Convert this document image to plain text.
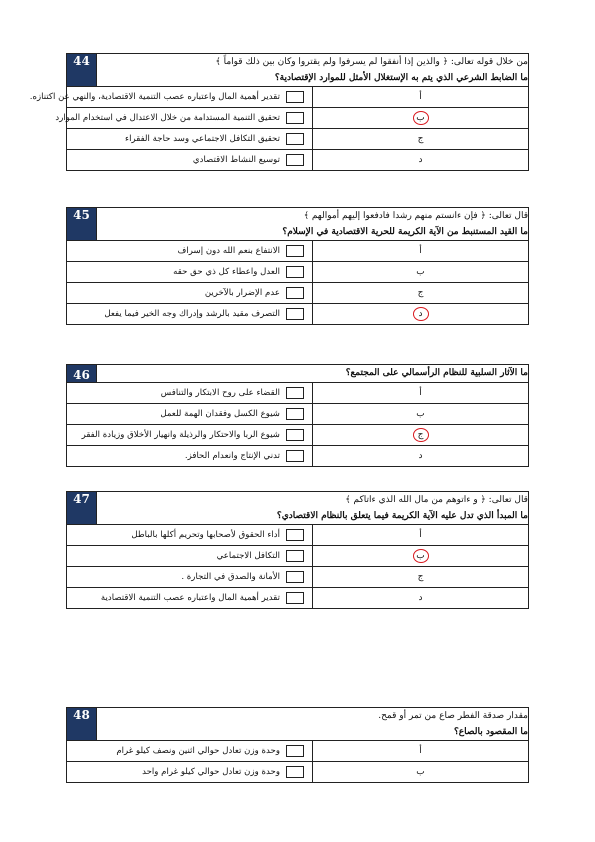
من خلال قوله تعالى: ﴿ والذين إذا أنفقوا لم يسرفوا ولم يقتروا وكان بين ذلك قواماً ﴾
ما الضابط الشرعي الذي يتم به الإستغلال الأمثل للموارد الإقتصادية؟		44
أ	تقدير أهمية المال واعتباره عصب التنمية الاقتصادية، والنهي عن اكتنازه.	

ب	تحقيق التنمية المستدامة من خلال الاعتدال في استخدام الموارد	

ج	تحقيق التكافل الاجتماعي وسد حاجة الفقراء	

د	توسيع النشاط الاقتصادي	
قال تعالى: ﴿ فإن ءانستم منهم رشدا فادفعوا إليهم أموالهم ﴾
ما القيد المستنبط من الآية الكريمة للحرية الاقتصادية في الإسلام؟		45
أ	الانتفاع بنعم الله دون إسراف	

ب	العدل واعطاء كل ذي حق حقه	

ج	عدم الإضرار بالآخرين	

د	التصرف مقيد بالرشد وإدراك وجه الخير فيما يفعل	
ما الآثار السلبية للنظام الرأسمالي على المجتمع؟		46
أ	القضاء على روح الابتكار والتنافس	

ب	شيوع الكسل وفقدان الهمة للعمل	

ج	شيوع الربا والاحتكار والرذيلة وانهيار الأخلاق وزيادة الفقر	

د	تدني الإنتاج وانعدام الحافز.	
قال تعالى: ﴿ و ءاتوهم من مال الله الذي ءاتاكم ﴾
ما المبدأ الذي تدل عليه الآية الكريمة فيما يتعلق بالنظام الاقتصادي؟		47
أ	أداء الحقوق لأصحابها وتحريم أكلها بالباطل	

ب	التكافل الاجتماعي	

ج	الأمانة والصدق في التجارة .	

د	تقدير أهمية المال واعتباره عصب التنمية الاقتصادية	
مقدار صدقة الفطر صاع من تمر أو قمح.
ما المقصود بالصاع؟		48
أ	وحدة وزن تعادل حوالي اثنين ونصف كيلو غرام	

ب	وحدة وزن تعادل حوالي كيلو غرام واحد	
